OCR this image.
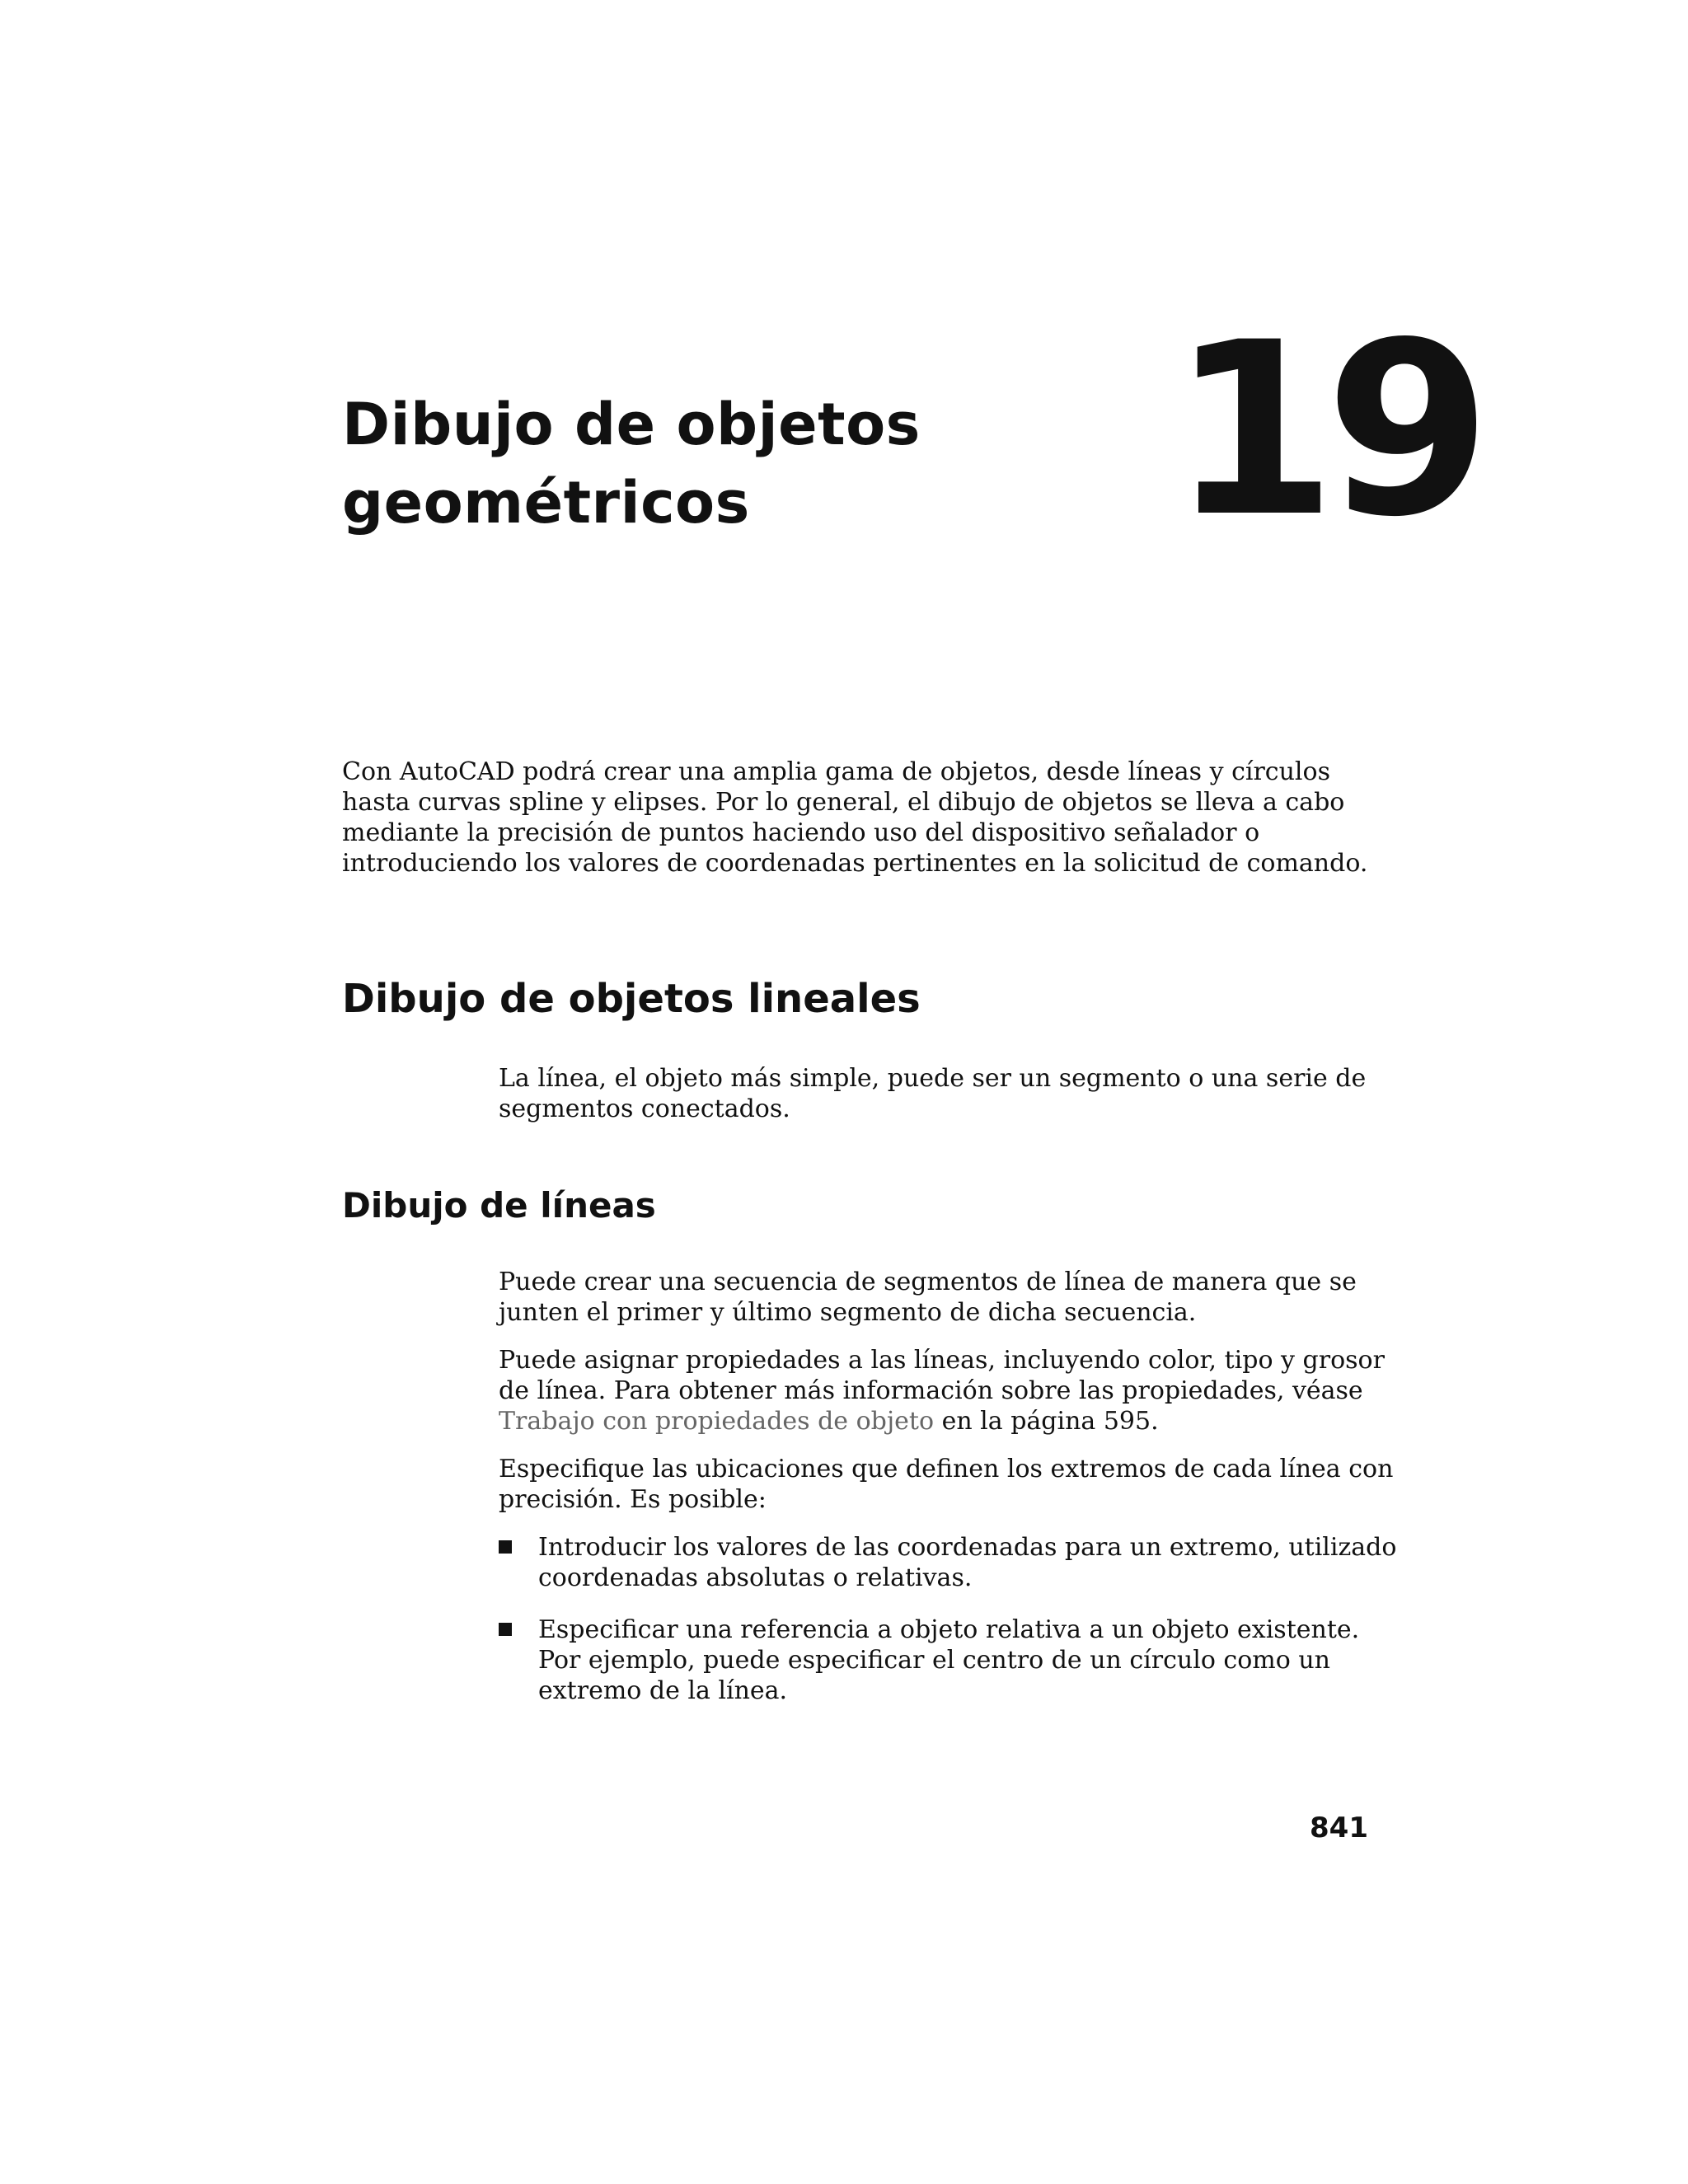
Dibujo de objetos
geométricos	19

Con AutoCAD podrá crear una amplia gama de objetos, desde líneas y círculos hasta curvas spline y elipses. Por lo general, el dibujo de objetos se lleva a cabo mediante la precisión de puntos haciendo uso del dispositivo señalador o introduciendo los valores de coordenadas pertinentes en la solicitud de comando.

Dibujo de objetos lineales

La línea, el objeto más simple, puede ser un segmento o una serie de segmentos conectados.

Dibujo de líneas

Puede crear una secuencia de segmentos de línea de manera que se junten el primer y último segmento de dicha secuencia.

Puede asignar propiedades a las líneas, incluyendo color, tipo y grosor de línea. Para obtener más información sobre las propiedades, véase Trabajo con propiedades de objeto en la página 595.

Especifique las ubicaciones que definen los extremos de cada línea con precisión. Es posible:

Introducir los valores de las coordenadas para un extremo, utilizado coordenadas absolutas o relativas.
Especificar una referencia a objeto relativa a un objeto existente. Por ejemplo, puede especificar el centro de un círculo como un extremo de la línea.
841
